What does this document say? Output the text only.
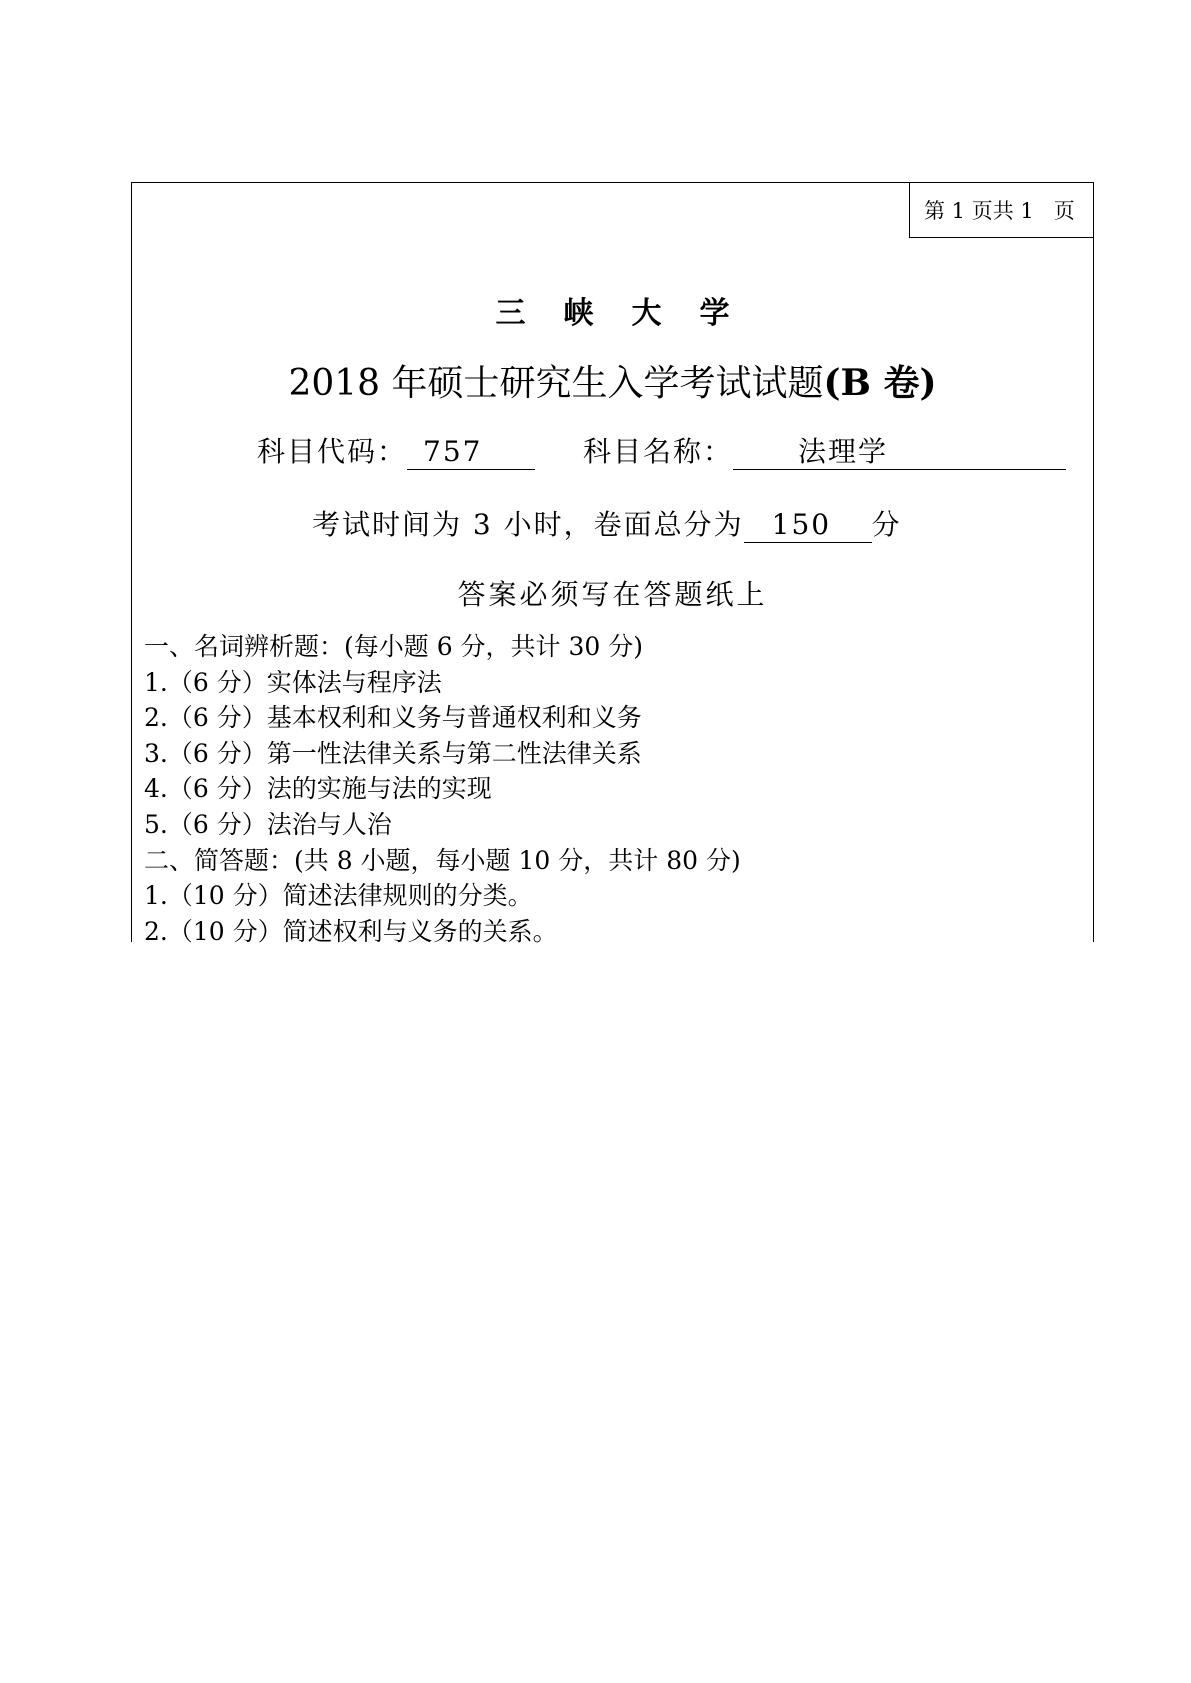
第 1 页共 1 页
三峡大学
2018 年硕士研究生入学考试试题(B 卷)
科目代码： 757	科目名称：	法理学
考试时间为 3 小时，卷面总分为	150	分
答案必须写在答题纸上
一、名词辨析题：(每小题 6 分，共计 30 分)
1.（6 分）实体法与程序法
2.（6 分）基本权利和义务与普通权利和义务
3.（6 分）第一性法律关系与第二性法律关系
4.（6 分）法的实施与法的实现
5.（6 分）法治与人治
二、简答题：(共 8 小题，每小题 10 分，共计 80 分)
1.（10 分）简述法律规则的分类。
2.（10 分）简述权利与义务的关系。
